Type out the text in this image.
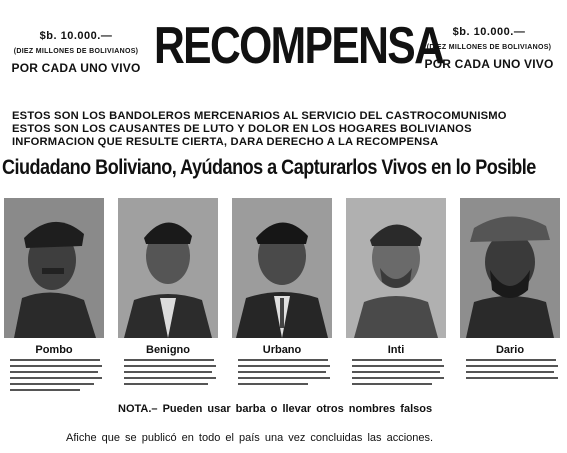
$b. 10.000.—
(DIEZ MILLONES DE BOLIVIANOS)
POR CADA UNO VIVO RECOMPENSA $b. 10.000.—
(DIEZ MILLONES DE BOLIVIANOS)
POR CADA UNO VIVO
ESTOS SON LOS BANDOLEROS MERCENARIOS AL SERVICIO DEL CASTROCOMUNISMO
ESTOS SON LOS CAUSANTES DE LUTO Y DOLOR EN LOS HOGARES BOLIVIANOS
INFORMACION QUE RESULTE CIERTA, DARA DERECHO A LA RECOMPENSA
Ciudadano Boliviano, Ayúdanos a Capturarlos Vivos en lo Posible
Pombo	Benigno	Urbano	Inti	Dario
NOTA.– Pueden usar barba o llevar otros nombres falsos
Afiche que se publicó en todo el país una vez concluidas las acciones.
